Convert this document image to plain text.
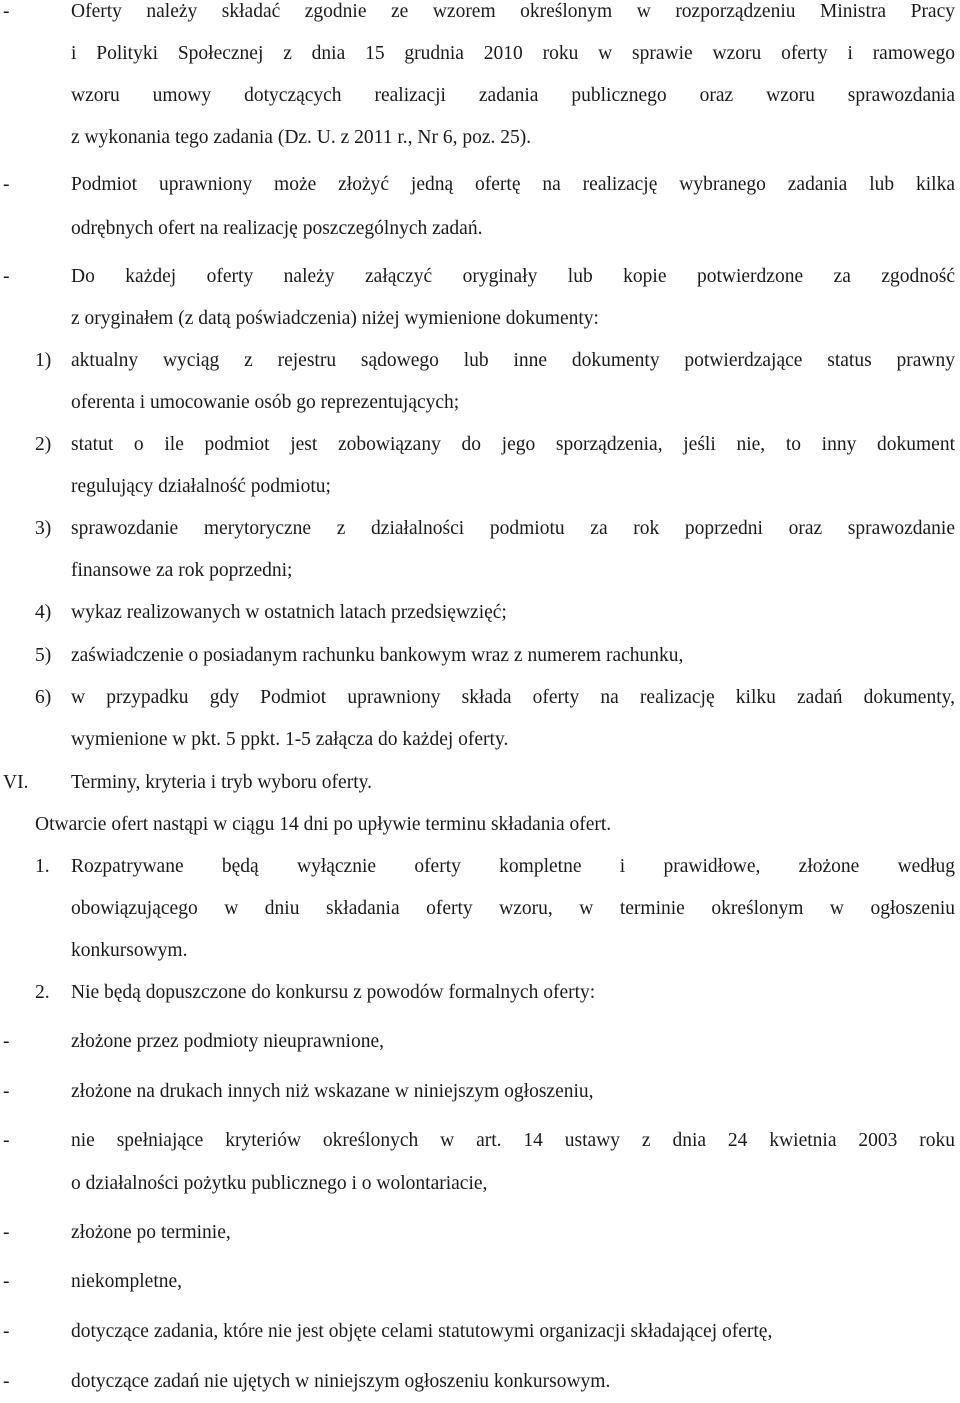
-	Oferty należy składać zgodnie ze wzorem określonym w rozporządzeniu Ministra Pracy
i Polityki Społecznej z dnia 15 grudnia 2010 roku w sprawie wzoru oferty i ramowego
wzoru umowy dotyczących realizacji zadania publicznego oraz wzoru sprawozdania
z wykonania tego zadania (Dz. U. z 2011 r., Nr 6, poz. 25).
-	Podmiot uprawniony może złożyć jedną ofertę na realizację wybranego zadania lub kilka
odrębnych ofert na realizację poszczególnych zadań.
-	Do każdej oferty należy załączyć oryginały lub kopie potwierdzone za zgodność
z oryginałem (z datą poświadczenia) niżej wymienione dokumenty:
1) aktualny wyciąg z rejestru sądowego lub inne dokumenty potwierdzające status prawny
oferenta i umocowanie osób go reprezentujących;
2) statut o ile podmiot jest zobowiązany do jego sporządzenia, jeśli nie, to inny dokument
regulujący działalność podmiotu;
3) sprawozdanie merytoryczne z działalności podmiotu za rok poprzedni oraz sprawozdanie
finansowe za rok poprzedni;
4) wykaz realizowanych w ostatnich latach przedsięwzięć;
5) zaświadczenie o posiadanym rachunku bankowym wraz z numerem rachunku,
6) w przypadku gdy Podmiot uprawniony składa oferty na realizację kilku zadań dokumenty,
wymienione w pkt. 5 ppkt. 1-5 załącza do każdej oferty.
VI. Terminy, kryteria i tryb wyboru oferty.
Otwarcie ofert nastąpi w ciągu 14 dni po upływie terminu składania ofert.
1. Rozpatrywane będą wyłącznie oferty kompletne i prawidłowe, złożone według
obowiązującego w dniu składania oferty wzoru, w terminie określonym w ogłoszeniu
konkursowym.
2. Nie będą dopuszczone do konkursu z powodów formalnych oferty:
-	złożone przez podmioty nieuprawnione,
-	złożone na drukach innych niż wskazane w niniejszym ogłoszeniu,
-	nie spełniające kryteriów określonych w art. 14 ustawy z dnia 24 kwietnia 2003 roku
o działalności pożytku publicznego i o wolontariacie,
-	złożone po terminie,
-	niekompletne,
-	dotyczące zadania, które nie jest objęte celami statutowymi organizacji składającej ofertę,
-	dotyczące zadań nie ujętych w niniejszym ogłoszeniu konkursowym.
